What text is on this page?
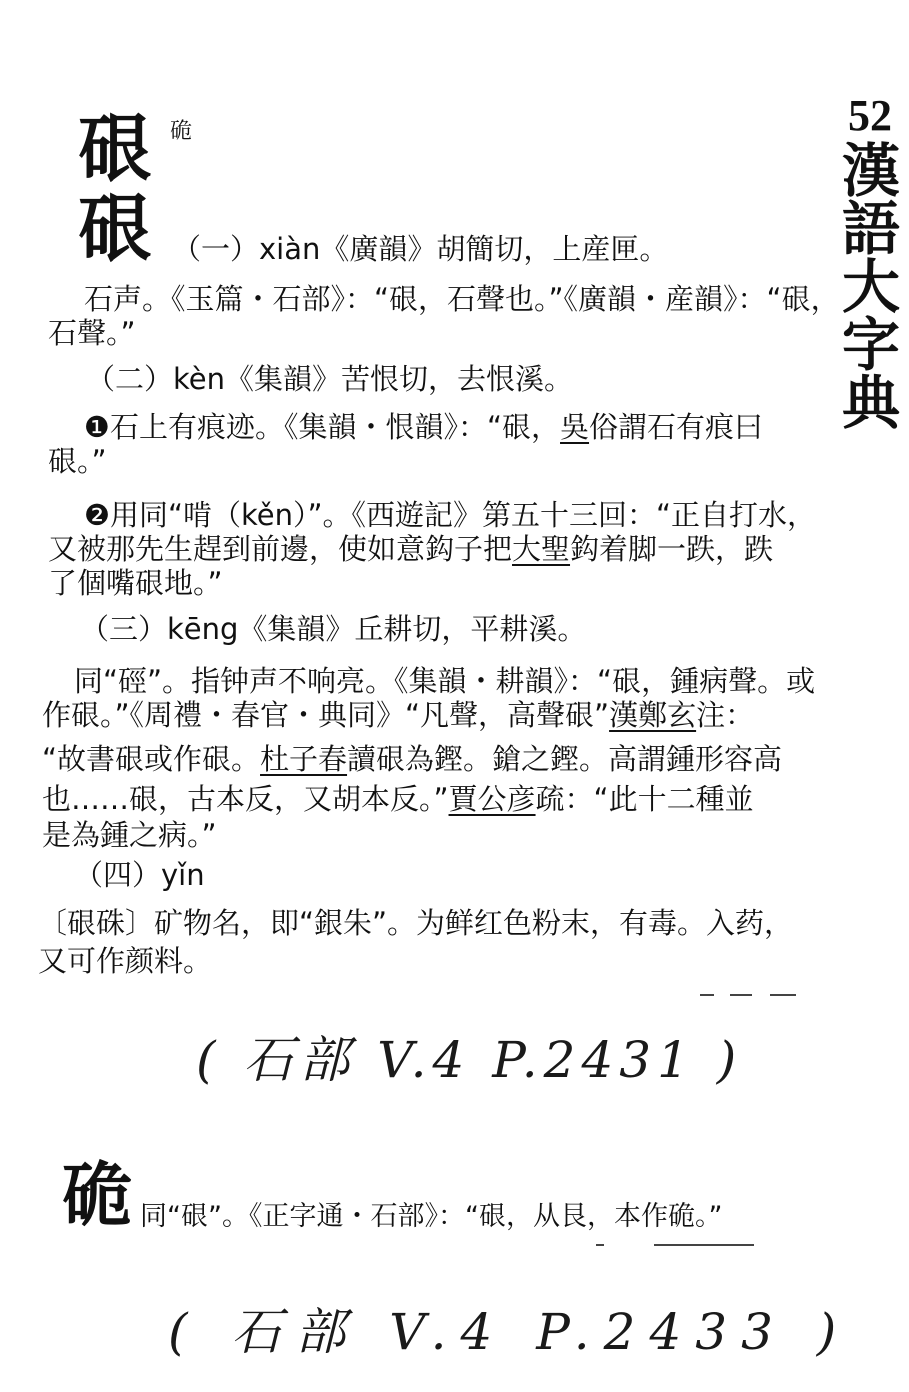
52
漢語大字典
硍 硊
硍 （一）xiàn《廣韻》胡簡切，上産匣。
石声。《玉篇・石部》：“硍，石聲也。”《廣韻・産韻》：“硍，
石聲。”
（二）kèn《集韻》苦恨切，去恨溪。
❶石上有痕迹。《集韻・恨韻》：“硍，吳俗謂石有痕曰
硍。”
❷用同“啃（kěn）”。《西遊記》第五十三回：“正自打水，
又被那先生趕到前邊，使如意鈎子把大聖鈎着脚一跌，跌
了個嘴硍地。”
（三）kēng《集韻》丘耕切，平耕溪。
同“硜”。指钟声不响亮。《集韻・耕韻》：“硍，鍾病聲。或
作硍。”《周禮・春官・典同》“凡聲，高聲硍”漢鄭玄注：
“故書硍或作硍。杜子春讀硍為鏗。鎗之鏗。高謂鍾形容高
也……硍，古本反，又胡本反。”賈公彦疏：“此十二種並
是為鍾之病。”
（四）yǐn
〔硍硃〕矿物名，即“銀朱”。为鲜红色粉末，有毒。入药，
又可作颜料。
( 石部 V.4 P.2431 )
硊 同“硍”。《正字通・石部》：“硍，从艮，本作硊。”
( 石部 V.4 P.2433 )
